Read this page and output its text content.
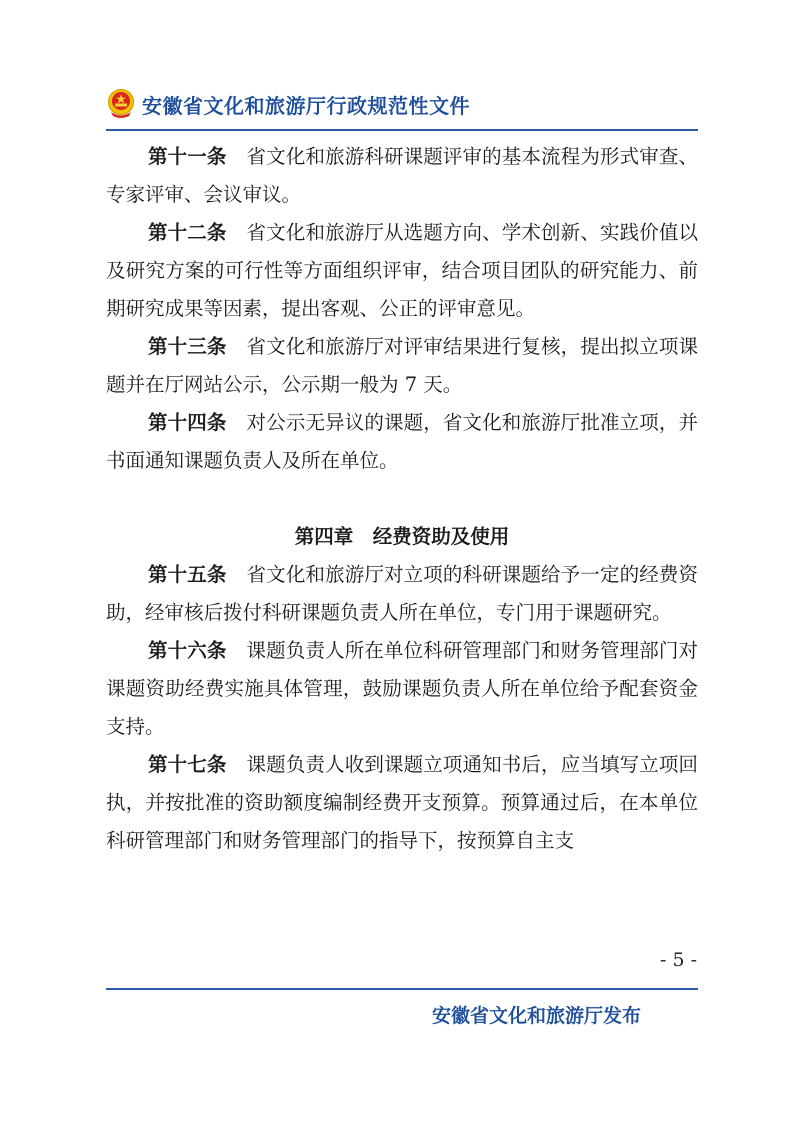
安徽省文化和旅游厅行政规范性文件

第十一条 省文化和旅游科研课题评审的基本流程为形式审查、专家评审、会议审议。

第十二条 省文化和旅游厅从选题方向、学术创新、实践价值以及研究方案的可行性等方面组织评审，结合项目团队的研究能力、前期研究成果等因素，提出客观、公正的评审意见。

第十三条 省文化和旅游厅对评审结果进行复核，提出拟立项课题并在厅网站公示，公示期一般为 7 天。

第十四条 对公示无异议的课题，省文化和旅游厅批准立项，并书面通知课题负责人及所在单位。

第四章　经费资助及使用

第十五条 省文化和旅游厅对立项的科研课题给予一定的经费资助，经审核后拨付科研课题负责人所在单位，专门用于课题研究。

第十六条 课题负责人所在单位科研管理部门和财务管理部门对课题资助经费实施具体管理，鼓励课题负责人所在单位给予配套资金支持。

第十七条 课题负责人收到课题立项通知书后，应当填写立项回执，并按批准的资助额度编制经费开支预算。预算通过后，在本单位科研管理部门和财务管理部门的指导下，按预算自主支

- 5 -
安徽省文化和旅游厅发布
